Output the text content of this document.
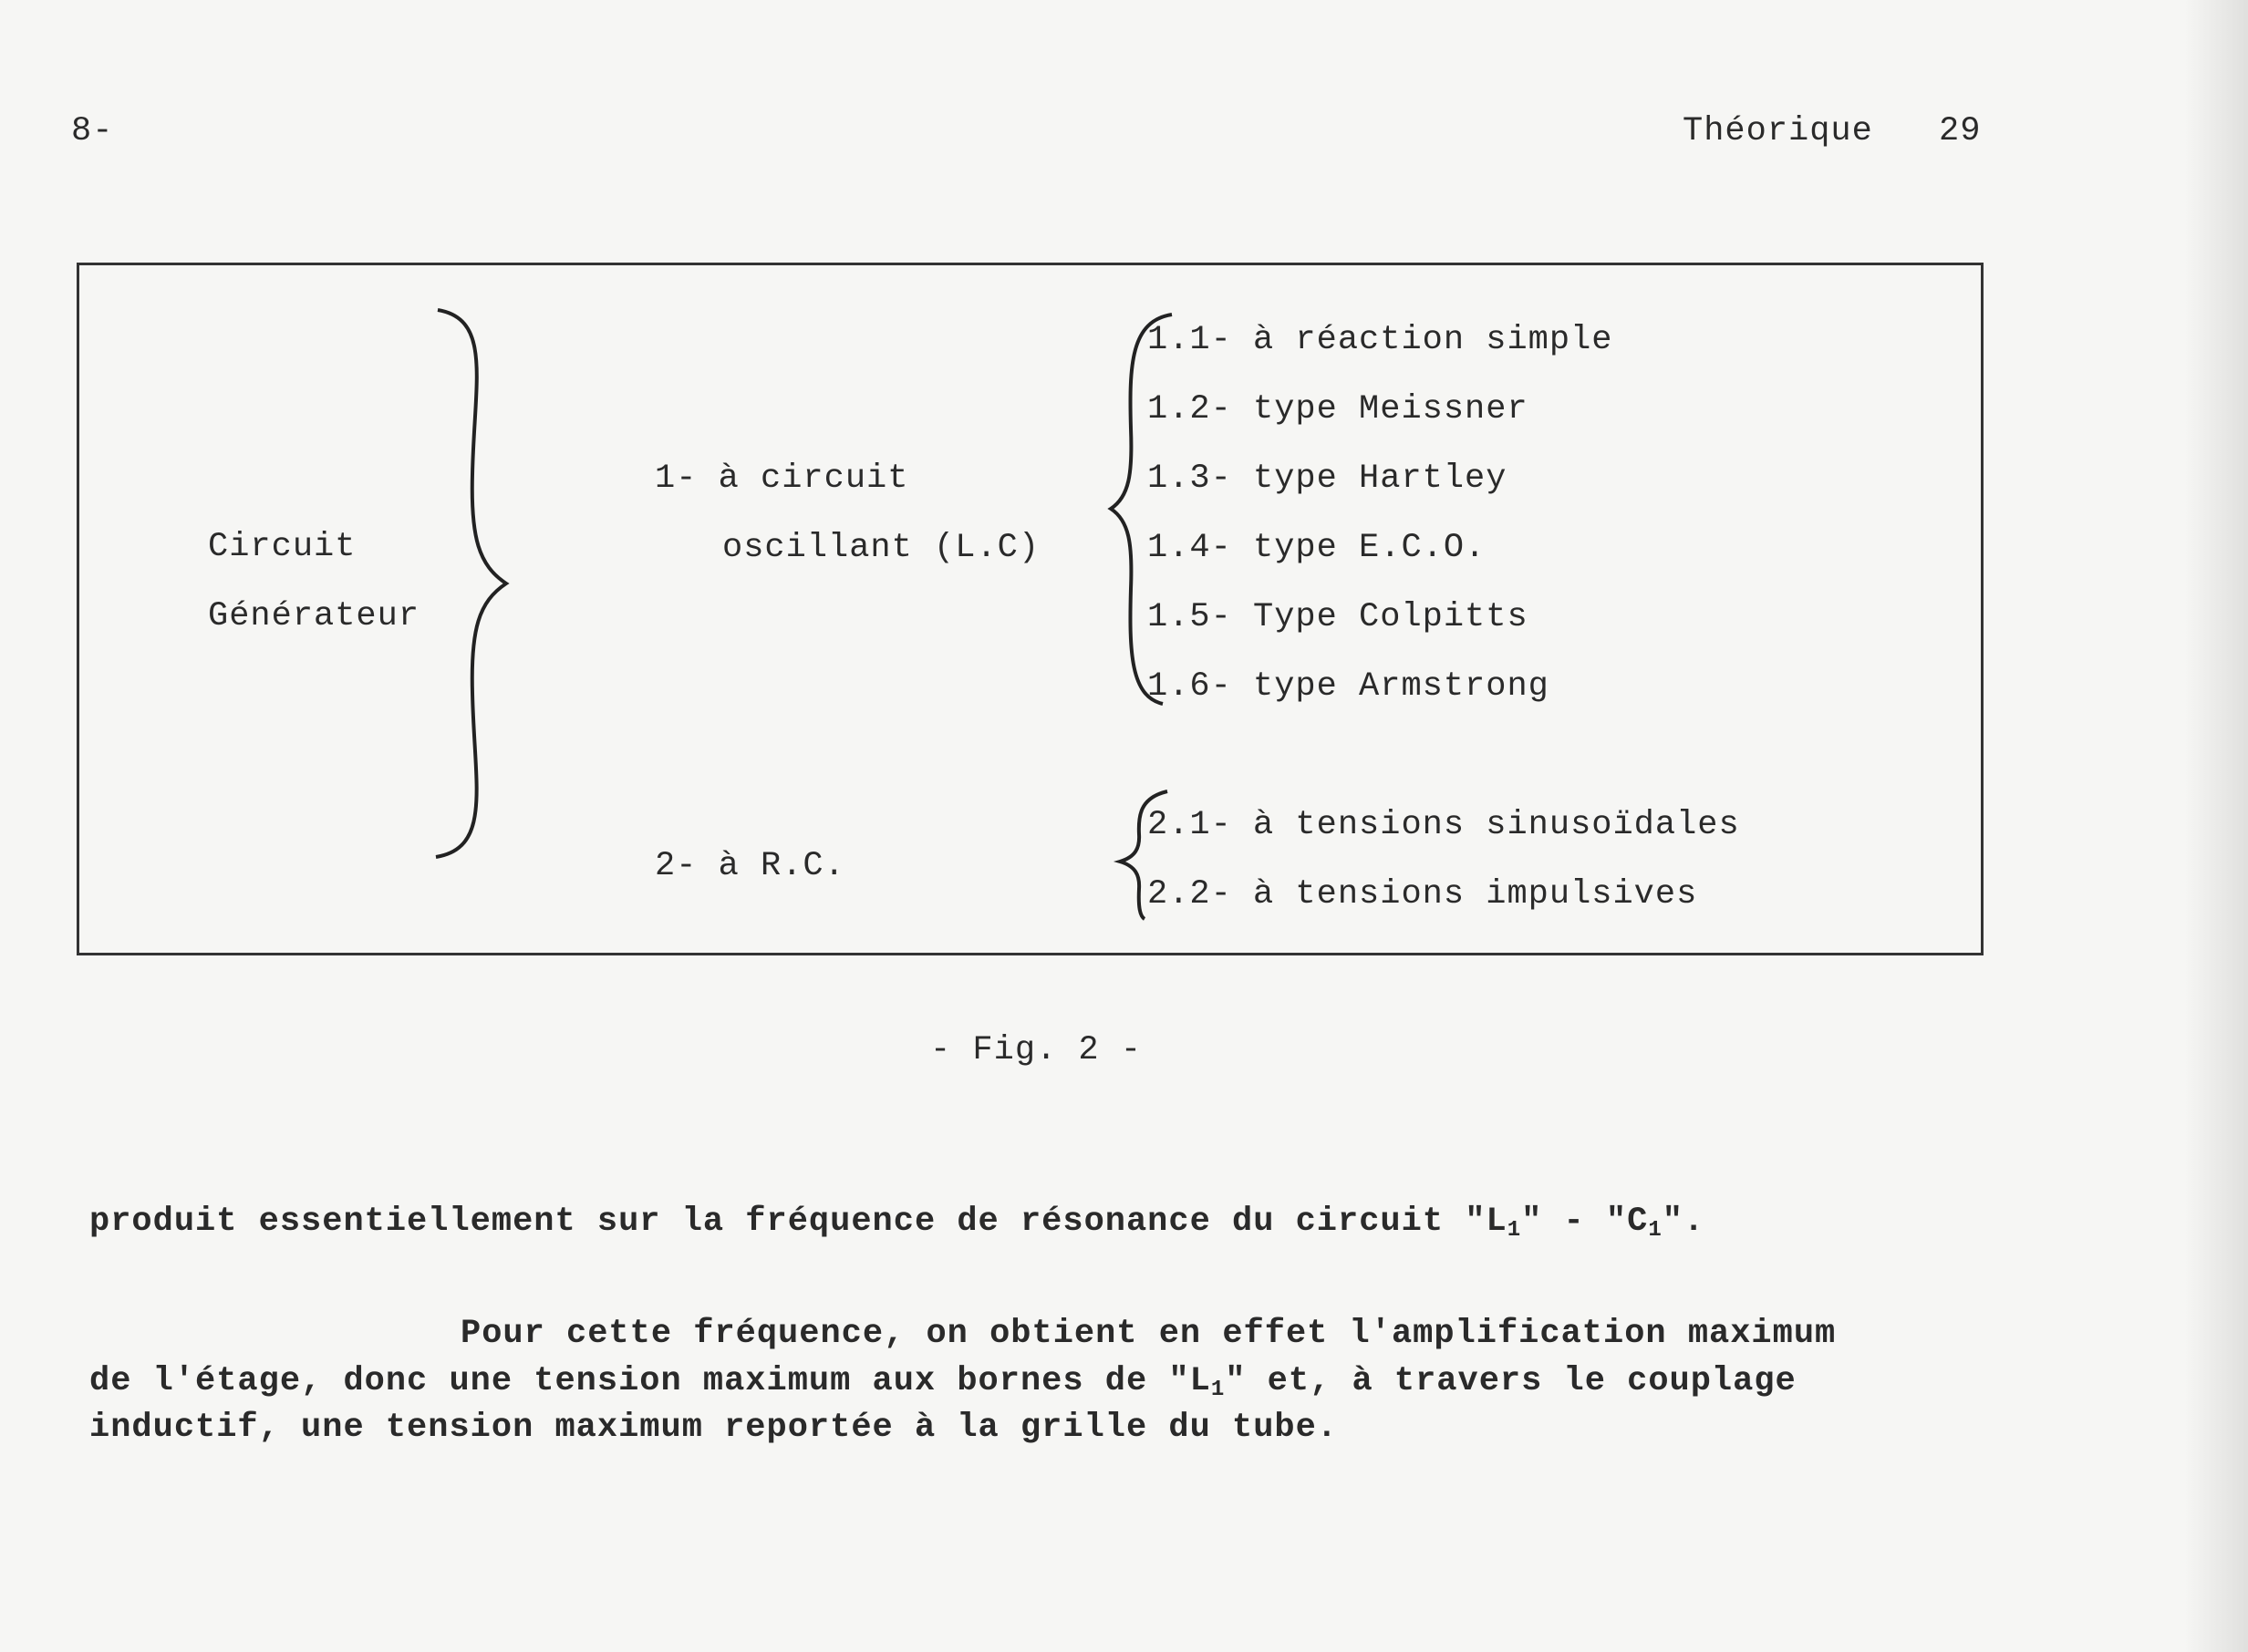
8-	Théorique 29
Circuit
Générateur
1- à circuit
oscillant (L.C)
1.1- à réaction simple
1.2- type Meissner
1.3- type Hartley
1.4- type E.C.O.
1.5- Type Colpitts
1.6- type Armstrong
2- à R.C.
2.1- à tensions sinusoïdales
2.2- à tensions impulsives
- Fig. 2 -
produit essentiellement sur la fréquence de résonance du circuit "$L_1$" - "$C_1$".
Pour cette fréquence, on obtient en effet l'amplification maximum
de l'étage, donc une tension maximum aux bornes de "$L_1$" et, à travers le couplage
inductif, une tension maximum reportée à la grille du tube.
